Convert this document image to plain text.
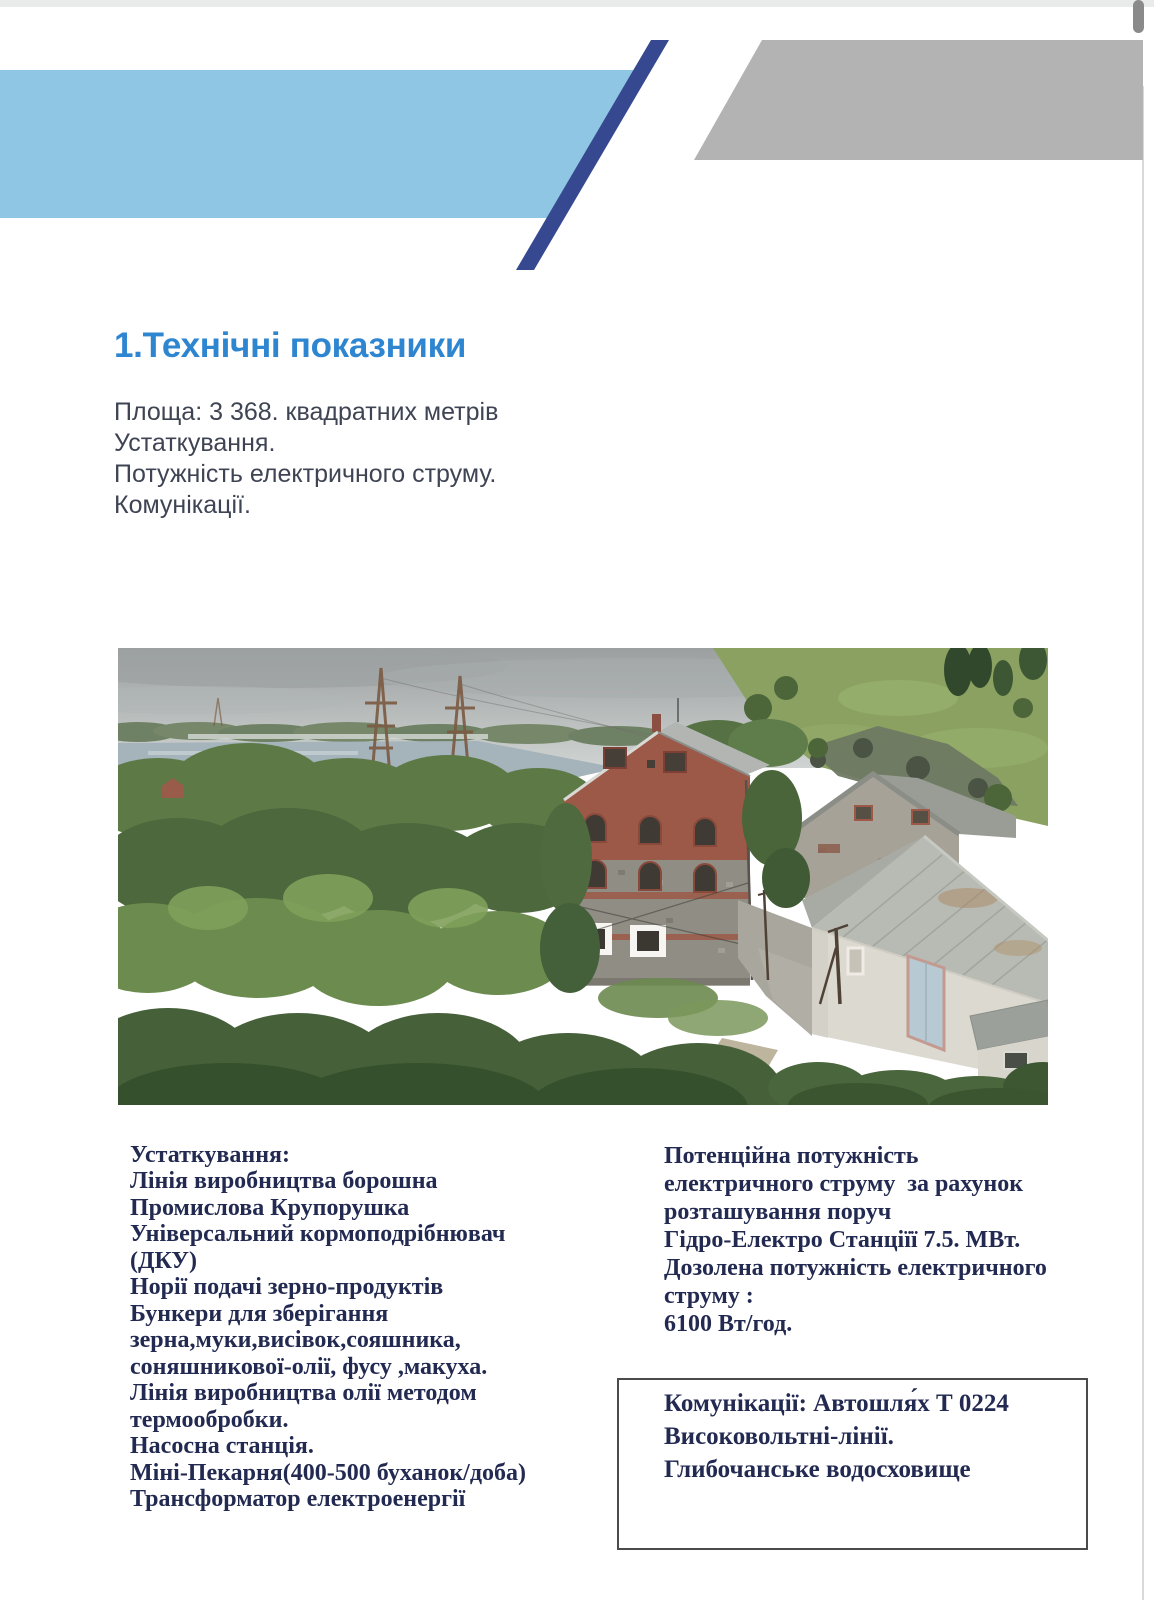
1.Технічні показники
Площа: 3 368. квадратних метрів
Устаткування.
Потужність електричного струму.
Комунікації.
Устаткування:
Лінія виробництва борошна
Промислова Крупорушка
Універсальний кормоподрібнювач
(ДКУ)
Норії подачі зерно-продуктів
Бункери для зберігання
зерна,муки,висівок,сояшника,
соняшникової-олії, фусу ,макуха.
Лінія виробництва олії методом
термообробки.
Насосна станція.
Міні-Пекарня(400-500 буханок/доба)
Трансформатор електроенергії
Потенційна потужність
електричного струму  за рахунок
розташування поруч
Гідро-Електро Станціїї 7.5. МВт.
Дозолена потужність електричного
струму :
6100 Вт/год.
Комунікації: Автошля́х Т 0224
Високовольтні-лінії.
Глибочанське водосховище
